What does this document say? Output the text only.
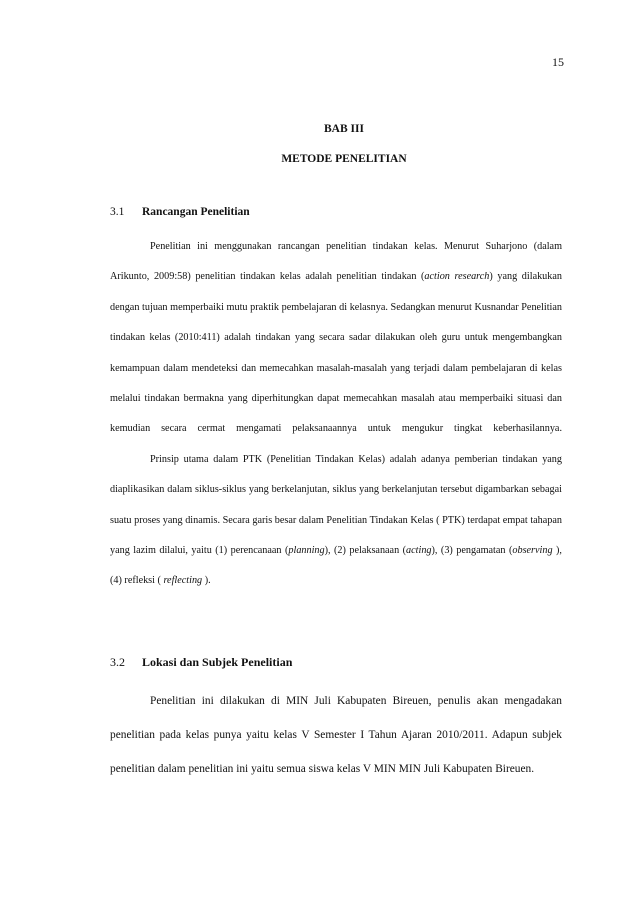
15
BAB III
METODE PENELITIAN
3.1 Rancangan Penelitian

Penelitian ini menggunakan rancangan penelitian tindakan kelas. Menurut Suharjono (dalam Arikunto, 2009:58) penelitian tindakan kelas adalah penelitian tindakan (action research) yang dilakukan dengan tujuan memperbaiki mutu praktik pembelajaran di kelasnya. Sedangkan menurut Kusnandar Penelitian tindakan kelas (2010:411) adalah tindakan yang secara sadar dilakukan oleh guru untuk mengembangkan kemampuan dalam mendeteksi dan memecahkan masalah-masalah yang terjadi dalam pembelajaran di kelas melalui tindakan bermakna yang diperhitungkan dapat memecahkan masalah atau memperbaiki situasi dan kemudian secara cermat mengamati pelaksanaannya untuk mengukur tingkat keberhasilannya.

Prinsip utama dalam PTK (Penelitian Tindakan Kelas) adalah adanya pemberian tindakan yang diaplikasikan dalam siklus-siklus yang berkelanjutan, siklus yang berkelanjutan tersebut digambarkan sebagai suatu proses yang dinamis. Secara garis besar dalam Penelitian Tindakan Kelas ( PTK) terdapat empat tahapan yang lazim dilalui, yaitu (1) perencanaan (planning), (2) pelaksanaan (acting), (3) pengamatan (observing ), (4) refleksi ( reflecting ).

3.2 Lokasi dan Subjek Penelitian

Penelitian ini dilakukan di MIN Juli Kabupaten Bireuen, penulis akan mengadakan penelitian pada kelas punya yaitu kelas V Semester I Tahun Ajaran 2010/2011. Adapun subjek penelitian dalam penelitian ini yaitu semua siswa kelas V MIN MIN Juli Kabupaten Bireuen.
